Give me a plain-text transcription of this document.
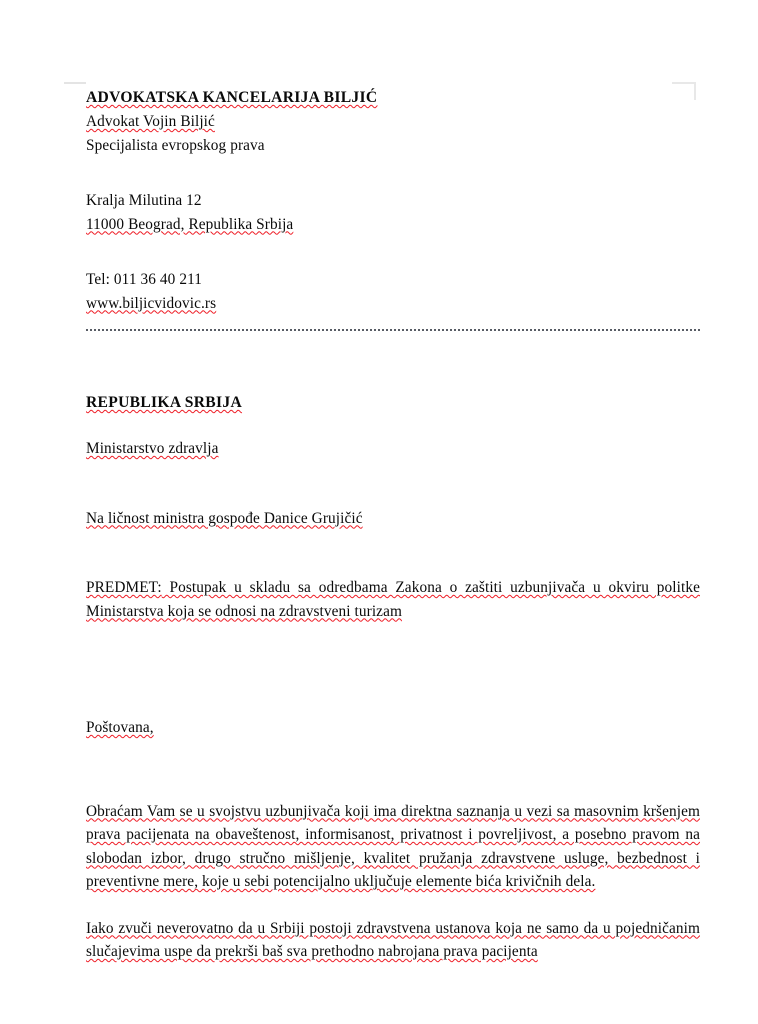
ADVOKATSKA KANCELARIJA BILJIĆ
Advokat Vojin Biljić
Specijalista evropskog prava
Kralja Milutina 12
11000 Beograd, Republika Srbija
Tel: 011 36 40 211
www.biljicvidovic.rs
REPUBLIKA SRBIJA
Ministarstvo zdravlja
Na ličnost ministra gospođe Danice Grujičić

PREDMET: Postupak u skladu sa odredbama Zakona o zaštiti uzbunjivača u okviru politke Ministarstva koja se odnosi na zdravstveni turizam

Poštovana,

Obraćam Vam se u svojstvu uzbunjivača koji ima direktna saznanja u vezi sa masovnim kršenjem prava pacijenata na obaveštenost, informisanost, privatnost i povreljivost, a posebno pravom na slobodan izbor, drugo stručno mišljenje, kvalitet pružanja zdravstvene usluge, bezbednost i preventivne mere, koje u sebi potencijalno uključuje elemente bića krivičnih dela.

Iako zvuči neverovatno da u Srbiji postoji zdravstvena ustanova koja ne samo da u pojedničanim slučajevima uspe da prekrši baš sva prethodno nabrojana prava pacijenta
